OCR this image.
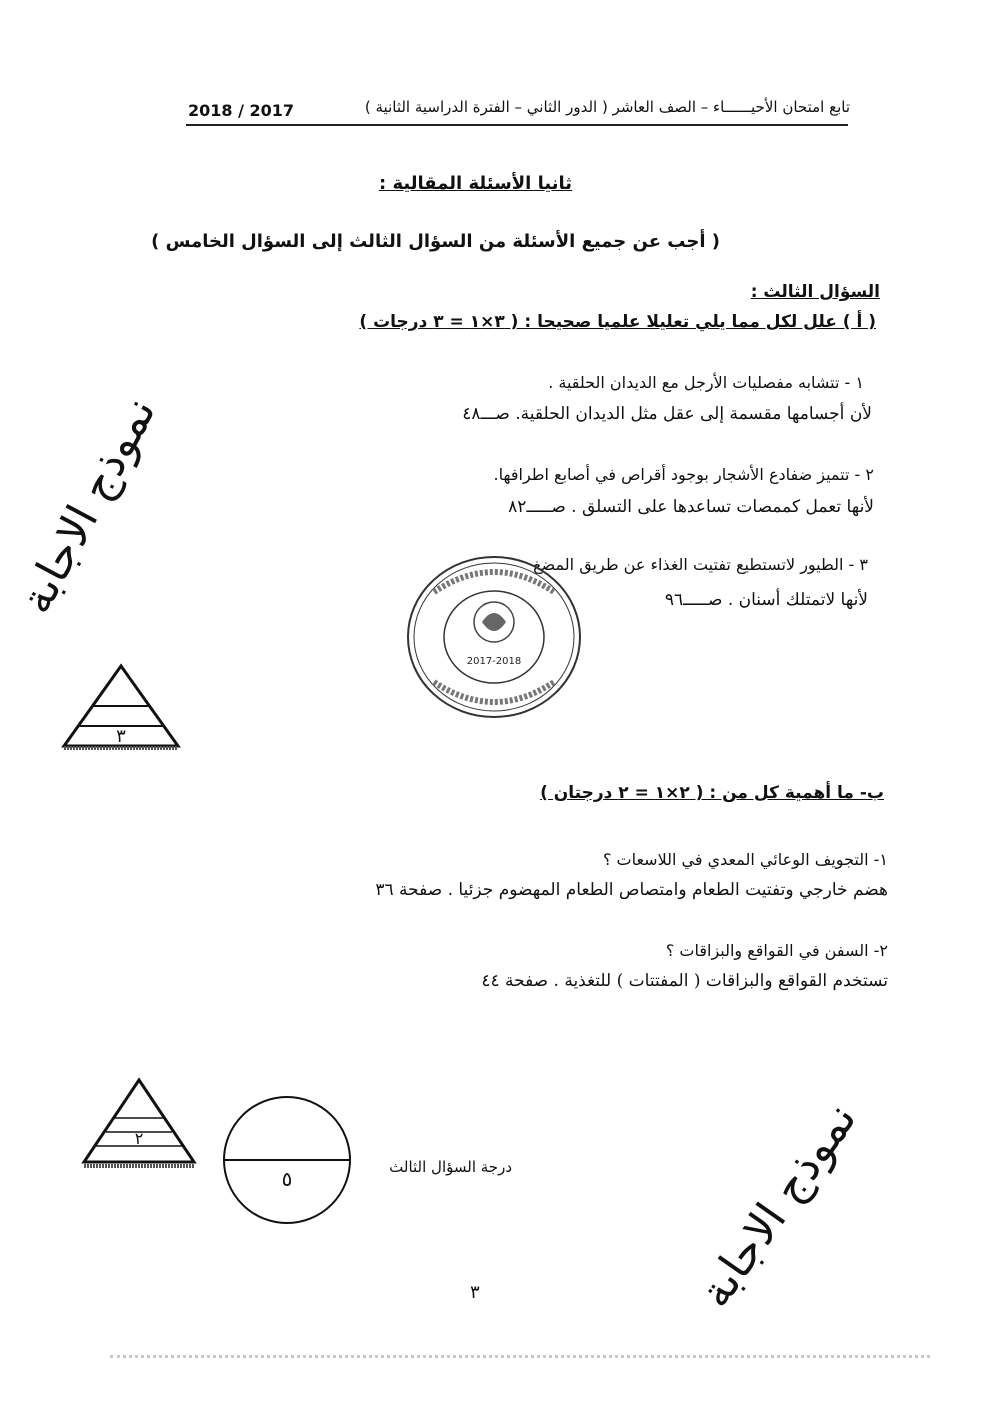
تابع امتحان الأحيــــــاء – الصف العاشر ( الدور الثاني – الفترة الدراسية الثانية )
2018 / 2017
ثانيا الأسئلة المقالية :
( أجب عن جميع الأسئلة من السؤال الثالث إلى السؤال الخامس )
السؤال الثالث :
( أ ) علل لكل مما يلي تعليلا علميا صحيحا : ( ٣×١ = ٣ درجات )
١ - تتشابه مفصليات الأرجل مع الديدان الحلقية .
لأن أجسامها مقسمة إلى عقل مثل الديدان الحلقية. صـــ٤٨
٢ - تتميز ضفادع الأشجار بوجود أقراص في أصابع اطرافها.
لأنها تعمل كممصات تساعدها على التسلق . صـــــ٨٢
٣ - الطيور لاتستطيع تفتيت الغذاء عن طريق المضغ
لأنها لاتمتلك أسنان . صـــــ٩٦
2017-2018
٣
ب- ما أهمية كل من : ( ٢×١ = ٢ درجتان )
١- التجويف الوعائي المعدي في اللاسعات ؟
هضم خارجي وتفتيت الطعام وامتصاص الطعام المهضوم جزئيا . صفحة ٣٦
٢- السفن في القواقع والبزاقات ؟
تستخدم القواقع والبزاقات ( المفتتات ) للتغذية . صفحة ٤٤
٢
٥	درجة السؤال الثالث
نموذج الاجابة
نموذج الاجابة
٣
